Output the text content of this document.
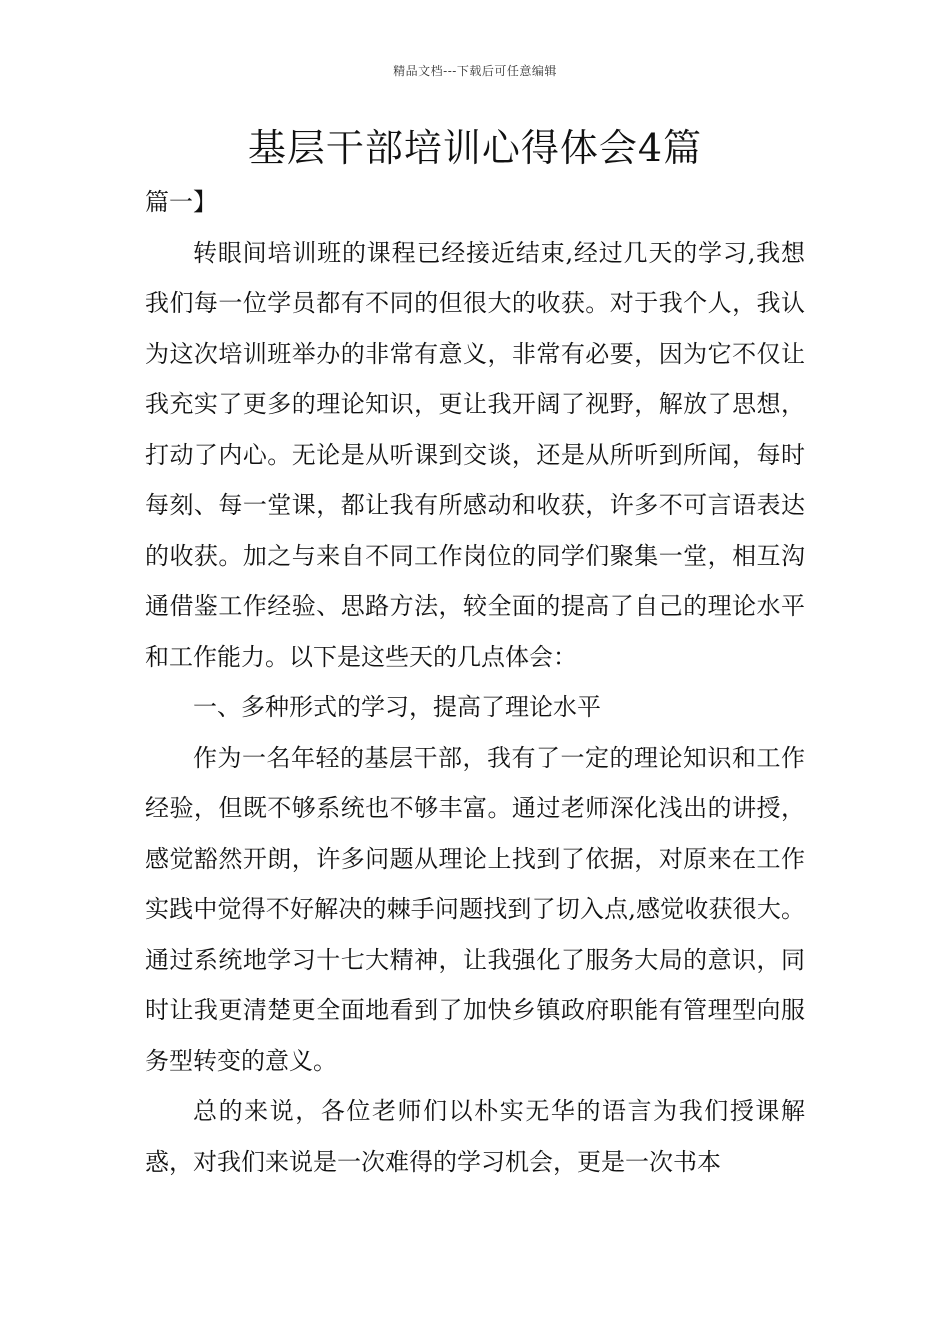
精品文档---下载后可任意编辑
基层干部培训心得体会4篇

篇一】

转眼间培训班的课程已经接近结束,经过几天的学习,我想我们每一位学员都有不同的但很大的收获。对于我个人，我认为这次培训班举办的非常有意义，非常有必要，因为它不仅让我充实了更多的理论知识，更让我开阔了视野，解放了思想，打动了内心。无论是从听课到交谈，还是从所听到所闻，每时每刻、每一堂课，都让我有所感动和收获，许多不可言语表达的收获。加之与来自不同工作岗位的同学们聚集一堂，相互沟通借鉴工作经验、思路方法，较全面的提高了自己的理论水平和工作能力。以下是这些天的几点体会：

一、多种形式的学习，提高了理论水平

作为一名年轻的基层干部，我有了一定的理论知识和工作经验，但既不够系统也不够丰富。通过老师深化浅出的讲授，感觉豁然开朗，许多问题从理论上找到了依据，对原来在工作实践中觉得不好解决的棘手问题找到了切入点,感觉收获很大。通过系统地学习十七大精神，让我强化了服务大局的意识，同时让我更清楚更全面地看到了加快乡镇政府职能有管理型向服务型转变的意义。

总的来说，各位老师们以朴实无华的语言为我们授课解惑，对我们来说是一次难得的学习机会，更是一次书本
